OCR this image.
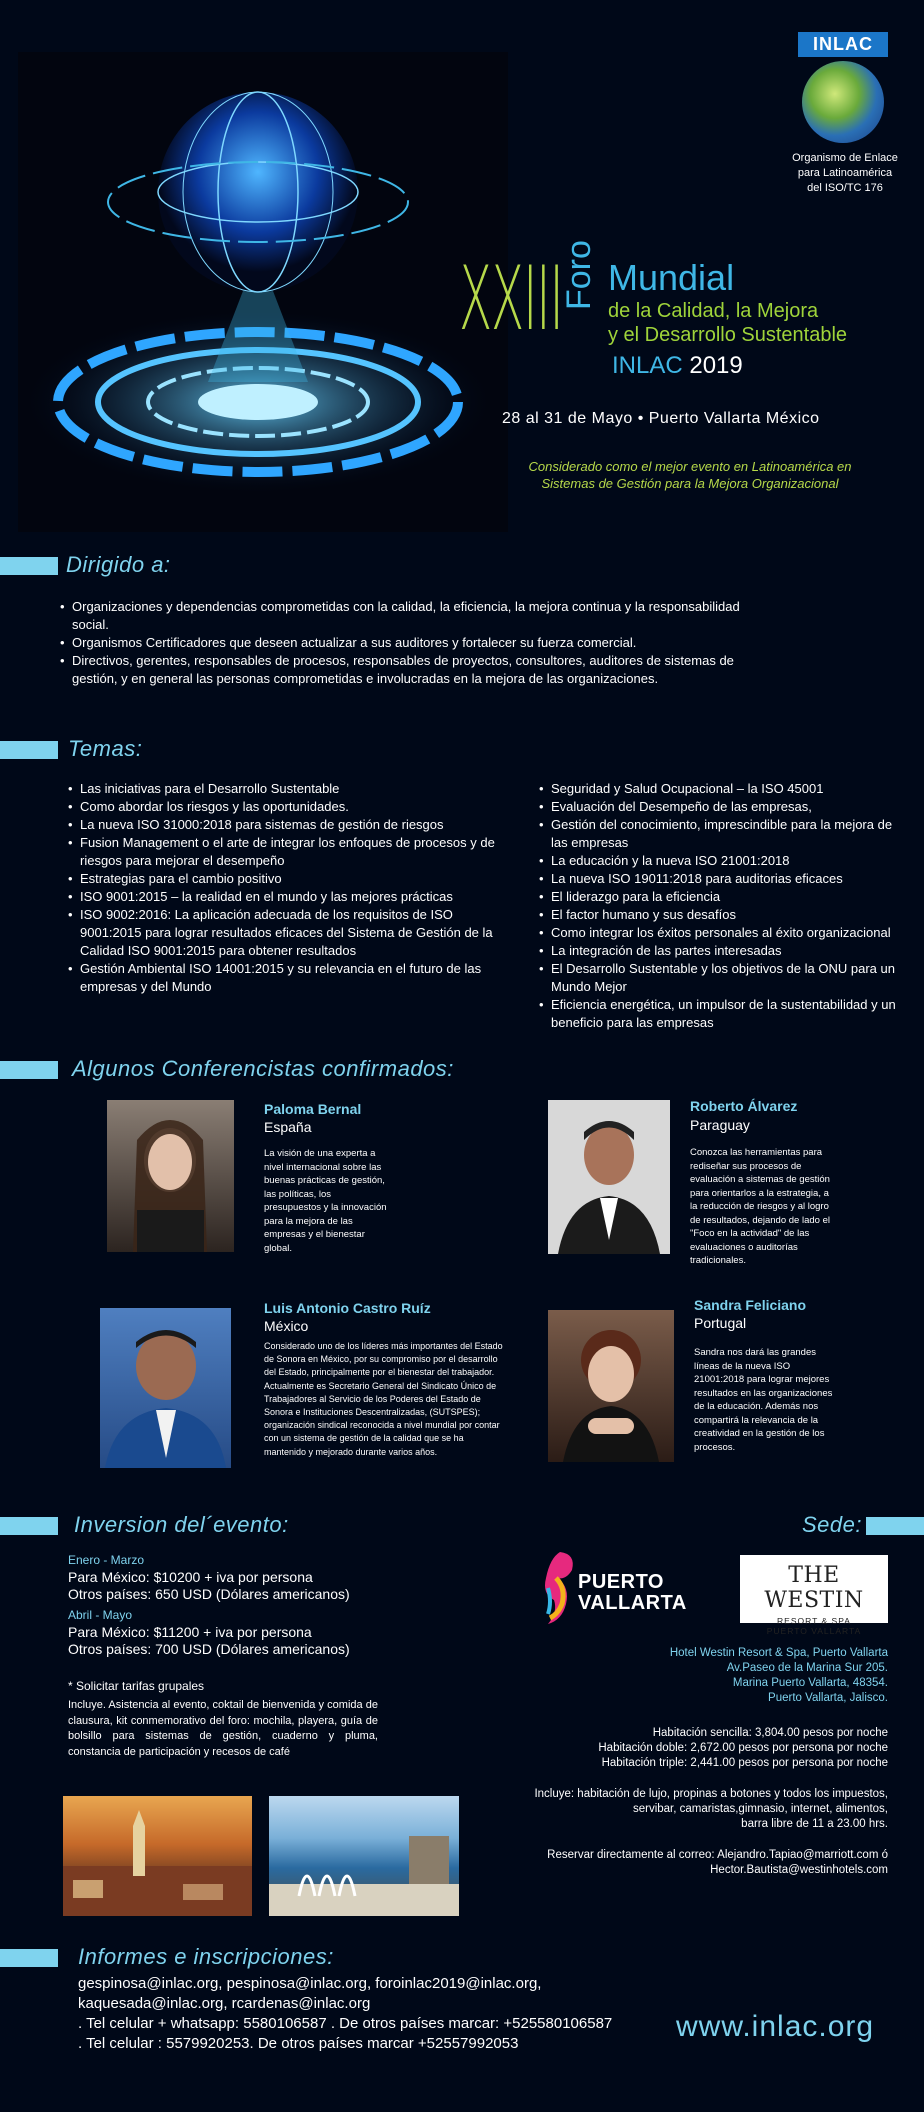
INLAC
Organismo de Enlace
para Latinoamérica
del ISO/TC 176
XXIII
Foro Mundial
de la Calidad, la Mejora
y el Desarrollo Sustentable
INLAC 2019
28 al 31 de Mayo • Puerto Vallarta México
Considerado como el mejor evento en Latinoamérica en
Sistemas de Gestión para la Mejora Organizacional
Dirigido a:
• Organizaciones y dependencias comprometidas con la calidad, la eficiencia, la mejora continua y la responsabilidad social.
• Organismos Certificadores que deseen actualizar a sus auditores y fortalecer su fuerza comercial.
• Directivos, gerentes, responsables de procesos, responsables de proyectos, consultores, auditores de sistemas de gestión, y en general las personas comprometidas e involucradas en la mejora de las organizaciones.
Temas:
• Las iniciativas para el Desarrollo Sustentable
• Como abordar los riesgos y las oportunidades.
• La nueva ISO 31000:2018 para sistemas de gestión de riesgos
• Fusion Management o el arte de integrar los enfoques de procesos y de riesgos para mejorar el desempeño
• Estrategias para el cambio positivo
• ISO 9001:2015 – la realidad en el mundo y las mejores prácticas
• ISO 9002:2016: La aplicación adecuada de los requisitos de ISO 9001:2015 para lograr resultados eficaces del Sistema de Gestión de la Calidad ISO 9001:2015 para obtener resultados
• Gestión Ambiental ISO 14001:2015 y su relevancia en el futuro de las empresas y del Mundo
• Seguridad y Salud Ocupacional – la ISO 45001
• Evaluación del Desempeño de las empresas,
• Gestión del conocimiento, imprescindible para la mejora de las empresas
• La educación y la nueva ISO 21001:2018
• La nueva ISO 19011:2018 para auditorias eficaces
• El liderazgo para la eficiencia
• El factor humano y sus desafíos
• Como integrar los éxitos personales al éxito organizacional
• La integración de las partes interesadas
• El Desarrollo Sustentable y los objetivos de la ONU para un Mundo Mejor
• Eficiencia energética, un impulsor de la sustentabilidad y un beneficio para las empresas
Algunos Conferencistas confirmados:
Paloma Bernal
España
La visión de una experta a nivel internacional sobre las buenas prácticas de gestión, las políticas, los presupuestos y la innovación para la mejora de las empresas y el bienestar global.
Roberto Álvarez
Paraguay
Conozca las herramientas para rediseñar sus procesos de evaluación a sistemas de gestión para orientarlos a la estrategia, a la reducción de riesgos y al logro de resultados, dejando de lado el "Foco en la actividad" de las evaluaciones o auditorías tradicionales.
Luis Antonio Castro Ruíz
México
Considerado uno de los líderes más importantes del Estado de Sonora en México, por su compromiso por el desarrollo del Estado, principalmente por el bienestar del trabajador. Actualmente es Secretario General del Sindicato Único de Trabajadores al Servicio de los Poderes del Estado de Sonora e Instituciones Descentralizadas, (SUTSPES); organización sindical reconocida a nivel mundial por contar con un sistema de gestión de la calidad que se ha mantenido y mejorado durante varios años.
Sandra Feliciano
Portugal
Sandra nos dará las grandes líneas de la nueva ISO 21001:2018 para lograr mejores resultados en las organizaciones de la educación. Además nos compartirá la relevancia de la creatividad en la gestión de los procesos.
Inversion del´evento:
Enero - Marzo
Para México: $10200 + iva por persona
Otros países: 650 USD (Dólares americanos)
Abril - Mayo
Para México: $11200 + iva por persona
Otros países: 700 USD (Dólares americanos)
* Solicitar tarifas grupales
Incluye. Asistencia al evento, coktail de bienvenida y comida de clausura, kit conmemorativo del foro: mochila, playera, guía de bolsillo para sistemas de gestión, cuaderno y pluma, constancia de participación y recesos de café
Sede:
PUERTO
VALLARTA
THE WESTIN
RESORT & SPA
PUERTO VALLARTA
Hotel Westin Resort & Spa, Puerto Vallarta
Av.Paseo de la Marina Sur 205.
Marina Puerto Vallarta, 48354.
Puerto Vallarta, Jalisco.
Habitación sencilla: 3,804.00 pesos por noche
Habitación doble: 2,672.00 pesos por persona por noche
Habitación triple: 2,441.00 pesos por persona por noche
Incluye: habitación de lujo, propinas a botones y todos los impuestos,
servibar, camaristas,gimnasio, internet, alimentos,
barra libre de 11 a 23.00 hrs.
Reservar directamente al correo: Alejandro.Tapiao@marriott.com ó
Hector.Bautista@westinhotels.com
Informes e inscripciones:
gespinosa@inlac.org, pespinosa@inlac.org, foroinlac2019@inlac.org,
kaquesada@inlac.org, rcardenas@inlac.org
. Tel celular + whatsapp: 5580106587 . De otros países marcar: +525580106587
. Tel celular : 5579920253. De otros países marcar +52557992053
www.inlac.org
